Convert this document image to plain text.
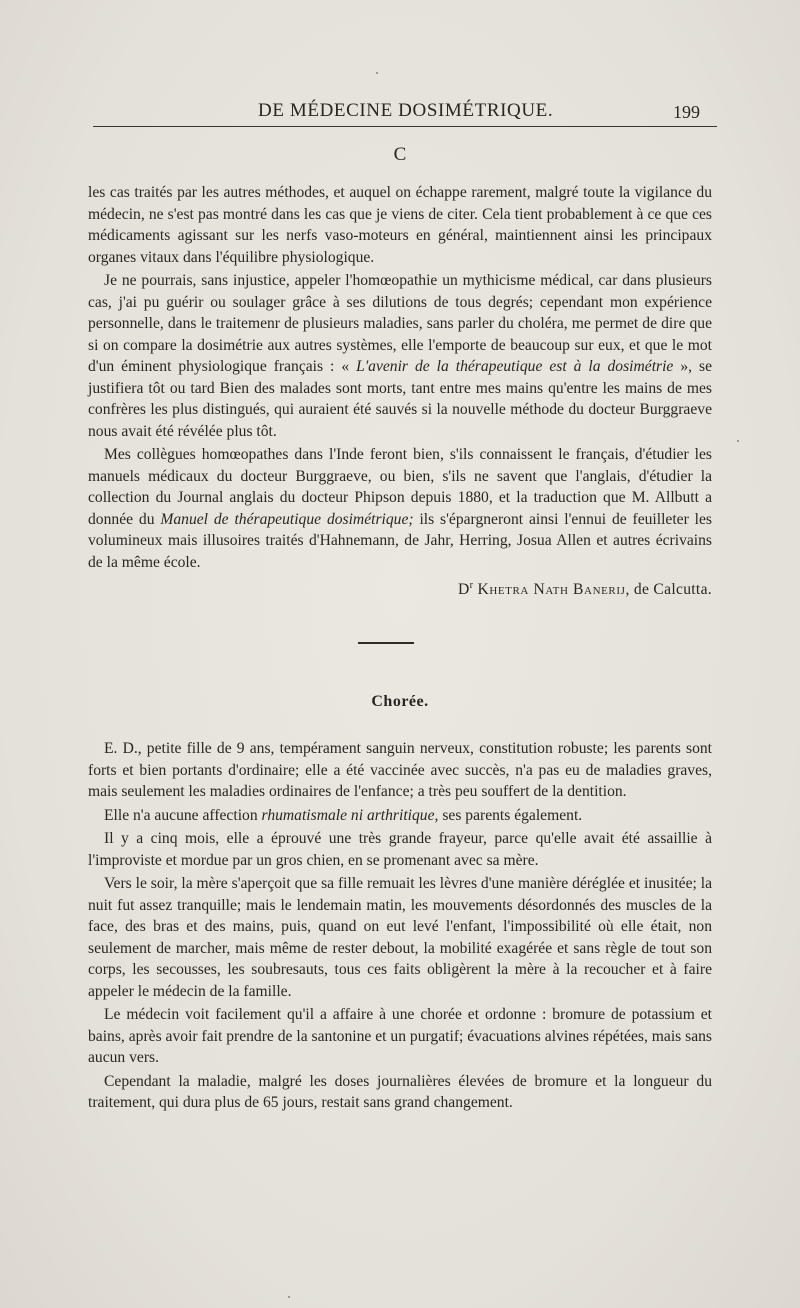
DE MÉDECINE DOSIMÉTRIQUE.	199
C

les cas traités par les autres méthodes, et auquel on échappe rarement, malgré toute la vigilance du médecin, ne s'est pas montré dans les cas que je viens de citer. Cela tient probablement à ce que ces médicaments agissant sur les nerfs vaso-moteurs en général, maintiennent ainsi les principaux organes vitaux dans l'équilibre physiologique.

Je ne pourrais, sans injustice, appeler l'homœopathie un mythicisme médical, car dans plusieurs cas, j'ai pu guérir ou soulager grâce à ses dilutions de tous degrés; cependant mon expérience personnelle, dans le traitemenr de plusieurs maladies, sans parler du choléra, me permet de dire que si on compare la dosimétrie aux autres systèmes, elle l'emporte de beaucoup sur eux, et que le mot d'un éminent physiologique français : « L'avenir de la thérapeutique est à la dosimétrie », se justifiera tôt ou tard Bien des malades sont morts, tant entre mes mains qu'entre les mains de mes confrères les plus distingués, qui auraient été sauvés si la nouvelle méthode du docteur Burggraeve nous avait été révélée plus tôt.

Mes collègues homœopathes dans l'Inde feront bien, s'ils connaissent le français, d'étudier les manuels médicaux du docteur Burggraeve, ou bien, s'ils ne savent que l'anglais, d'étudier la collection du Journal anglais du docteur Phipson depuis 1880, et la traduction que M. Allbutt a donnée du Manuel de thérapeutique dosimétrique; ils s'épargneront ainsi l'ennui de feuilleter les volumineux mais illusoires traités d'Hahnemann, de Jahr, Herring, Josua Allen et autres écrivains de la même école.

$D^r$ Khetra Nath Banerij, de Calcutta.

Chorée.

E. D., petite fille de 9 ans, tempérament sanguin nerveux, constitution robuste; les parents sont forts et bien portants d'ordinaire; elle a été vaccinée avec succès, n'a pas eu de maladies graves, mais seulement les maladies ordinaires de l'enfance; a très peu souffert de la dentition.

Elle n'a aucune affection rhumatismale ni arthritique, ses parents également.

Il y a cinq mois, elle a éprouvé une très grande frayeur, parce qu'elle avait été assaillie à l'improviste et mordue par un gros chien, en se promenant avec sa mère.

Vers le soir, la mère s'aperçoit que sa fille remuait les lèvres d'une manière déréglée et inusitée; la nuit fut assez tranquille; mais le lendemain matin, les mouvements désordonnés des muscles de la face, des bras et des mains, puis, quand on eut levé l'enfant, l'impossibilité où elle était, non seulement de marcher, mais même de rester debout, la mobilité exagérée et sans règle de tout son corps, les secousses, les soubresauts, tous ces faits obligèrent la mère à la recoucher et à faire appeler le médecin de la famille.

Le médecin voit facilement qu'il a affaire à une chorée et ordonne : bromure de potassium et bains, après avoir fait prendre de la santonine et un purgatif; évacuations alvines répétées, mais sans aucun vers.

Cependant la maladie, malgré les doses journalières élevées de bromure et la longueur du traitement, qui dura plus de 65 jours, restait sans grand changement.
